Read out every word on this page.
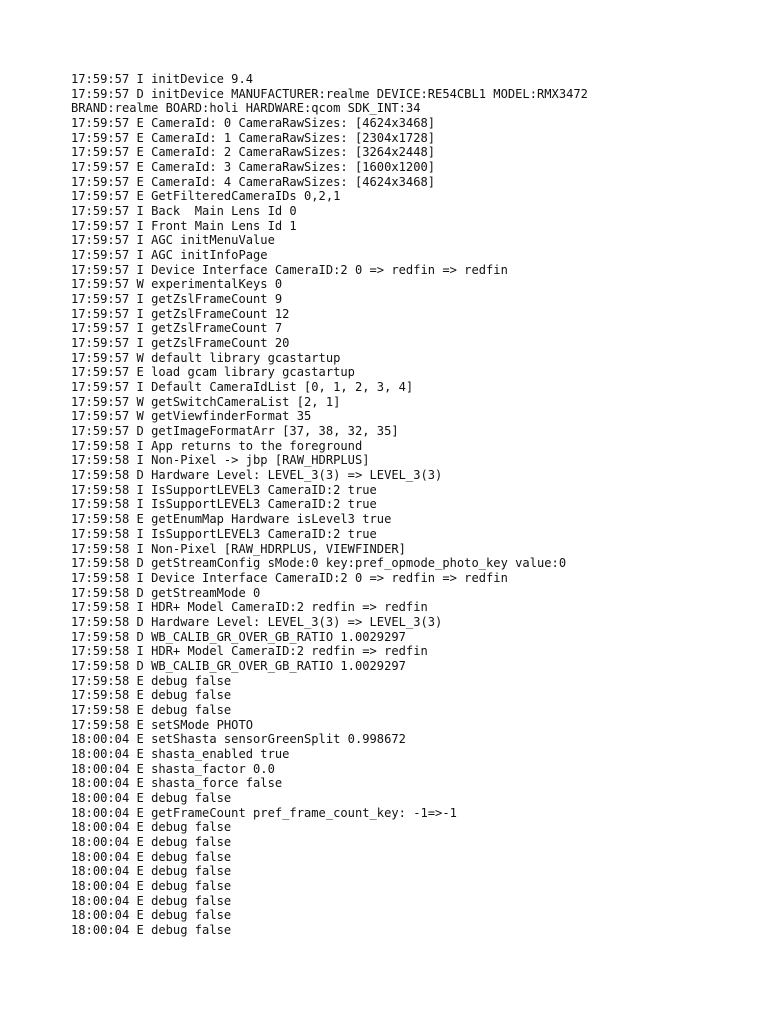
17:59:57 I initDevice 9.4
17:59:57 D initDevice MANUFACTURER:realme DEVICE:RE54CBL1 MODEL:RMX3472
BRAND:realme BOARD:holi HARDWARE:qcom SDK_INT:34
17:59:57 E CameraId: 0 CameraRawSizes: [4624x3468]
17:59:57 E CameraId: 1 CameraRawSizes: [2304x1728]
17:59:57 E CameraId: 2 CameraRawSizes: [3264x2448]
17:59:57 E CameraId: 3 CameraRawSizes: [1600x1200]
17:59:57 E CameraId: 4 CameraRawSizes: [4624x3468]
17:59:57 E GetFilteredCameraIDs 0,2,1
17:59:57 I Back  Main Lens Id 0
17:59:57 I Front Main Lens Id 1
17:59:57 I AGC initMenuValue
17:59:57 I AGC initInfoPage
17:59:57 I Device Interface CameraID:2 0 => redfin => redfin
17:59:57 W experimentalKeys 0
17:59:57 I getZslFrameCount 9
17:59:57 I getZslFrameCount 12
17:59:57 I getZslFrameCount 7
17:59:57 I getZslFrameCount 20
17:59:57 W default library gcastartup
17:59:57 E load gcam library gcastartup
17:59:57 I Default CameraIdList [0, 1, 2, 3, 4]
17:59:57 W getSwitchCameraList [2, 1]
17:59:57 W getViewfinderFormat 35
17:59:57 D getImageFormatArr [37, 38, 32, 35]
17:59:58 I App returns to the foreground
17:59:58 I Non-Pixel -> jbp [RAW_HDRPLUS]
17:59:58 D Hardware Level: LEVEL_3(3) => LEVEL_3(3)
17:59:58 I IsSupportLEVEL3 CameraID:2 true
17:59:58 I IsSupportLEVEL3 CameraID:2 true
17:59:58 E getEnumMap Hardware isLevel3 true
17:59:58 I IsSupportLEVEL3 CameraID:2 true
17:59:58 I Non-Pixel [RAW_HDRPLUS, VIEWFINDER]
17:59:58 D getStreamConfig sMode:0 key:pref_opmode_photo_key value:0
17:59:58 I Device Interface CameraID:2 0 => redfin => redfin
17:59:58 D getStreamMode 0
17:59:58 I HDR+ Model CameraID:2 redfin => redfin
17:59:58 D Hardware Level: LEVEL_3(3) => LEVEL_3(3)
17:59:58 D WB_CALIB_GR_OVER_GB_RATIO 1.0029297
17:59:58 I HDR+ Model CameraID:2 redfin => redfin
17:59:58 D WB_CALIB_GR_OVER_GB_RATIO 1.0029297
17:59:58 E debug false
17:59:58 E debug false
17:59:58 E debug false
17:59:58 E setSMode PHOTO
18:00:04 E setShasta sensorGreenSplit 0.998672
18:00:04 E shasta_enabled true
18:00:04 E shasta_factor 0.0
18:00:04 E shasta_force false
18:00:04 E debug false
18:00:04 E getFrameCount pref_frame_count_key: -1=>-1
18:00:04 E debug false
18:00:04 E debug false
18:00:04 E debug false
18:00:04 E debug false
18:00:04 E debug false
18:00:04 E debug false
18:00:04 E debug false
18:00:04 E debug false
